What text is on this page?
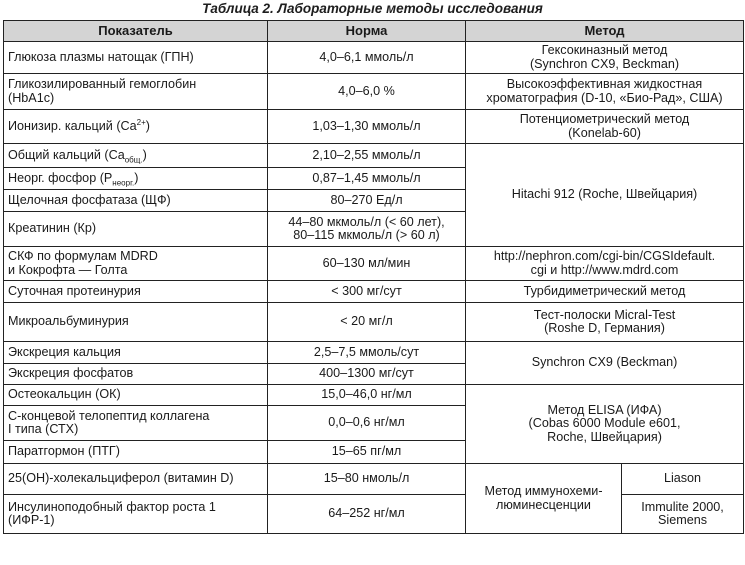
Таблица 2. Лабораторные методы исследования
Показатель	Норма	Метод	
Глюкоза плазмы натощак (ГПН)	4,0–6,1 ммоль/л	Гексокиназный метод
(Synchron CX9, Beckman)	
Гликозилированный гемоглобин
(HbA1c)	4,0–6,0 %	Высокоэффективная жидкостная
хроматография (D-10, «Био-Рад», США)	
Ионизир. кальций $(Ca^{2+})$	1,03–1,30 ммоль/л	Потенциометрический метод
(Konelab-60)	
Общий кальций $(Ca_{общ.})$	2,10–2,55 ммоль/л	Hitachi 912 (Roche, Швейцария)	
Неорг. фосфор $(P_{неорг.})$	0,87–1,45 ммоль/л		
Щелочная фосфатаза (ЩФ)	80–270 Ед/л		
Креатинин (Кр)	44–80 мкмоль/л (< 60 лет),
80–115 мкмоль/л (> 60 л)		
СКФ по формулам MDRD
и Кокрофта — Голта	60–130 мл/мин	http://nephron.com/cgi-bin/CGSIdefault.
cgi и http://www.mdrd.com	
Суточная протеинурия	< 300 мг/сут	Турбидиметрический метод	
Микроальбуминурия	< 20 мг/л	Тест-полоски Micral-Test
(Roshe D, Германия)	
Экскреция кальция	2,5–7,5 ммоль/сут	Synchron CX9 (Beckman)	
Экскреция фосфатов	400–1300 мг/сут		
Остеокальцин (ОК)	15,0–46,0 нг/мл	Метод ELISA (ИФА)
(Cobas 6000 Module e601,
Roche, Швейцария)	
С-концевой телопептид коллагена
I типа (СТХ)	0,0–0,6 нг/мл		
Паратгормон (ПТГ)	15–65 пг/мл		
25(OH)-холекальциферол (витамин D)	15–80 нмоль/л	Метод иммунохеми-
люминесценции	Liason
Инсулиноподобный фактор роста 1
(ИФР-1)	64–252 нг/мл		Immulite 2000,
Siemens
